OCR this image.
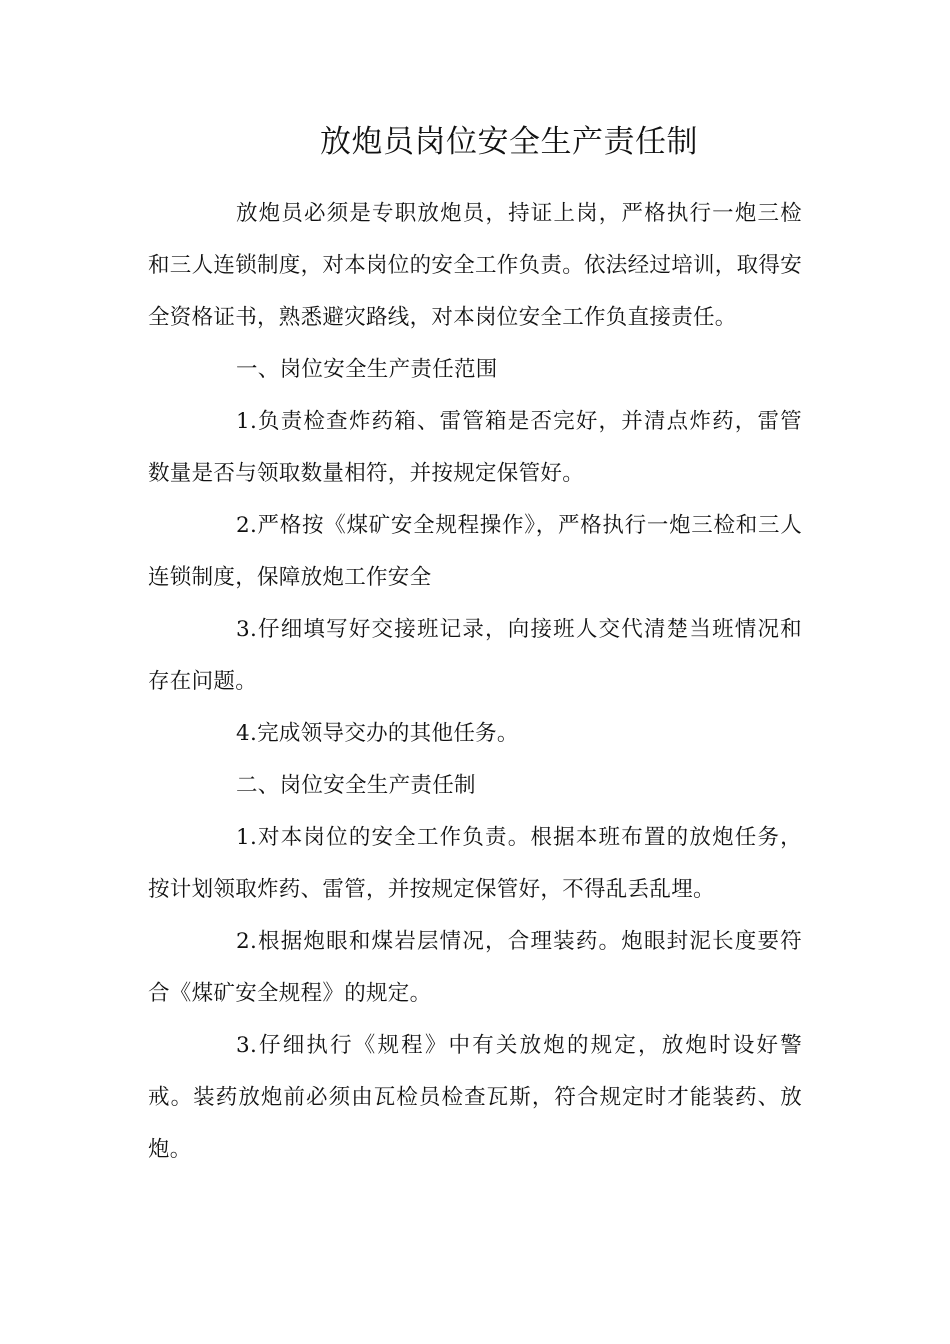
放炮员岗位安全生产责任制

放炮员必须是专职放炮员，持证上岗，严格执行一炮三检和三人连锁制度，对本岗位的安全工作负责。依法经过培训，取得安全资格证书，熟悉避灾路线，对本岗位安全工作负直接责任。

一、岗位安全生产责任范围

1.负责检查炸药箱、雷管箱是否完好，并清点炸药，雷管数量是否与领取数量相符，并按规定保管好。

2.严格按《煤矿安全规程操作》，严格执行一炮三检和三人连锁制度，保障放炮工作安全

3.仔细填写好交接班记录，向接班人交代清楚当班情况和存在问题。

4.完成领导交办的其他任务。

二、岗位安全生产责任制

1.对本岗位的安全工作负责。根据本班布置的放炮任务，按计划领取炸药、雷管，并按规定保管好，不得乱丢乱埋。

2.根据炮眼和煤岩层情况，合理装药。炮眼封泥长度要符合《煤矿安全规程》的规定。

3.仔细执行《规程》中有关放炮的规定，放炮时设好警戒。装药放炮前必须由瓦检员检查瓦斯，符合规定时才能装药、放炮。
